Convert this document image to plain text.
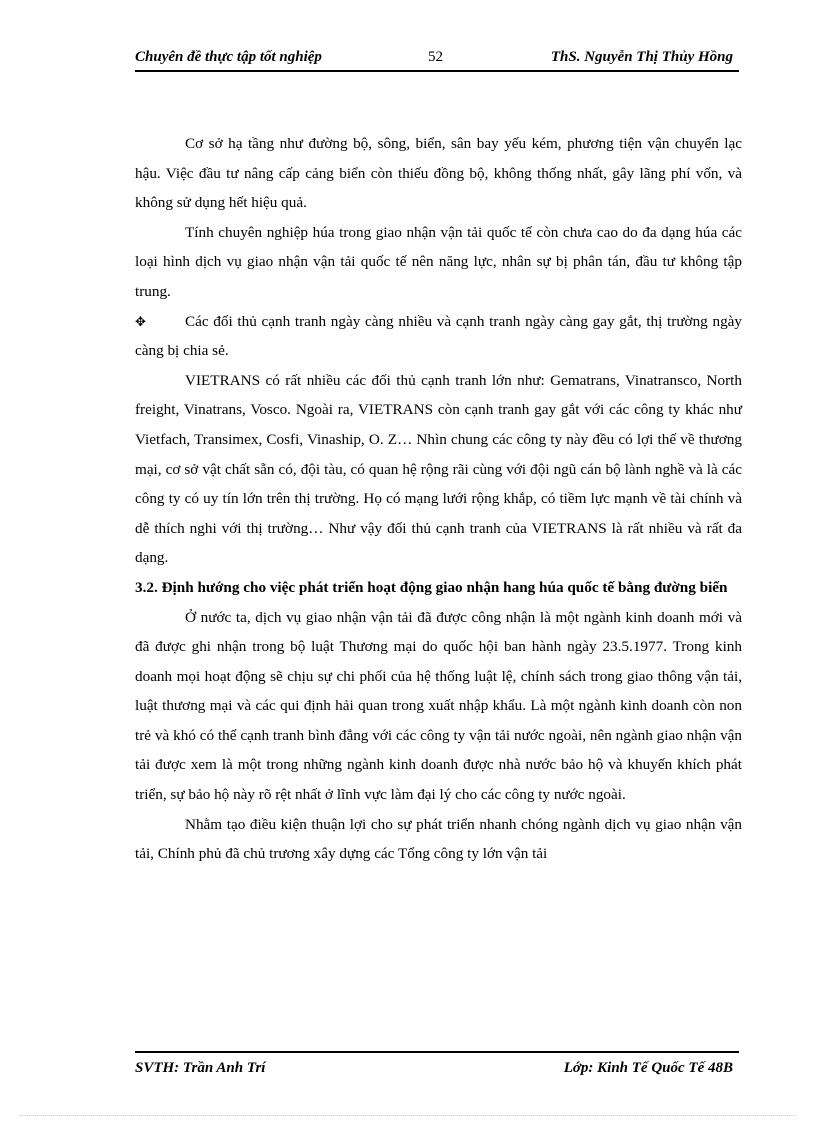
Chuyên đề thực tập tốt nghiệp	52	ThS. Nguyễn Thị Thủy Hồng

Cơ sở hạ tầng như đường bộ, sông, biển, sân bay yếu kém, phương tiện vận chuyển lạc hậu. Việc đầu tư nâng cấp cảng biển còn thiếu đồng bộ, không thống nhất, gây lãng phí vốn, và không sử dụng hết hiệu quả.

Tính chuyên nghiệp húa trong giao nhận vận tải quốc tế còn chưa cao do đa dạng húa các loại hình dịch vụ giao nhận vận tải quốc tế nên năng lực, nhân sự bị phân tán, đầu tư không tập trung.

✥	Các đối thủ cạnh tranh ngày càng nhiều và cạnh tranh ngày càng gay gắt, thị trường ngày càng bị chia sẻ.

VIETRANS có rất nhiều các đối thủ cạnh tranh lớn như: Gematrans, Vinatransco, North freight, Vinatrans, Vosco. Ngoài ra, VIETRANS còn cạnh tranh gay gắt với các công ty khác như Vietfach, Transimex, Cosfi, Vinaship, O. Z… Nhìn chung các công ty này đều có lợi thế về thương mại, cơ sở vật chất sẵn có, đội tàu, có quan hệ rộng rãi cùng với đội ngũ cán bộ lành nghề và là các công ty có uy tín lớn trên thị trường. Họ có mạng lưới rộng khắp, có tiềm lực mạnh về tài chính và dễ thích nghi với thị trường… Như vậy đối thủ cạnh tranh của VIETRANS là rất nhiều và rất đa dạng.

3.2. Định hướng cho việc phát triển hoạt động giao nhận hang húa quốc tế bằng đường biển

Ở nước ta, dịch vụ giao nhận vận tải đã được công nhận là một ngành kinh doanh mới và đã được ghi nhận trong bộ luật Thương mại do quốc hội ban hành ngày 23.5.1977. Trong kinh doanh mọi hoạt động sẽ chịu sự chi phối của hệ thống luật lệ, chính sách trong giao thông vận tải, luật thương mại và các qui định hải quan trong xuất nhập khẩu. Là một ngành kinh doanh còn non trẻ và khó có thể cạnh tranh bình đẳng với các công ty vận tải nước ngoài, nên ngành giao nhận vận tải được xem là một trong những ngành kinh doanh được nhà nước bảo hộ và khuyến khích phát triển, sự bảo hộ này rõ rệt nhất ở lĩnh vực làm đại lý cho các công ty nước ngoài.

Nhằm tạo điều kiện thuận lợi cho sự phát triển nhanh chóng ngành dịch vụ giao nhận vận tải, Chính phủ đã chủ trương xây dựng các Tổng công ty lớn vận tải

SVTH: Trần Anh Trí	Lớp: Kinh Tế Quốc Tế 48B
